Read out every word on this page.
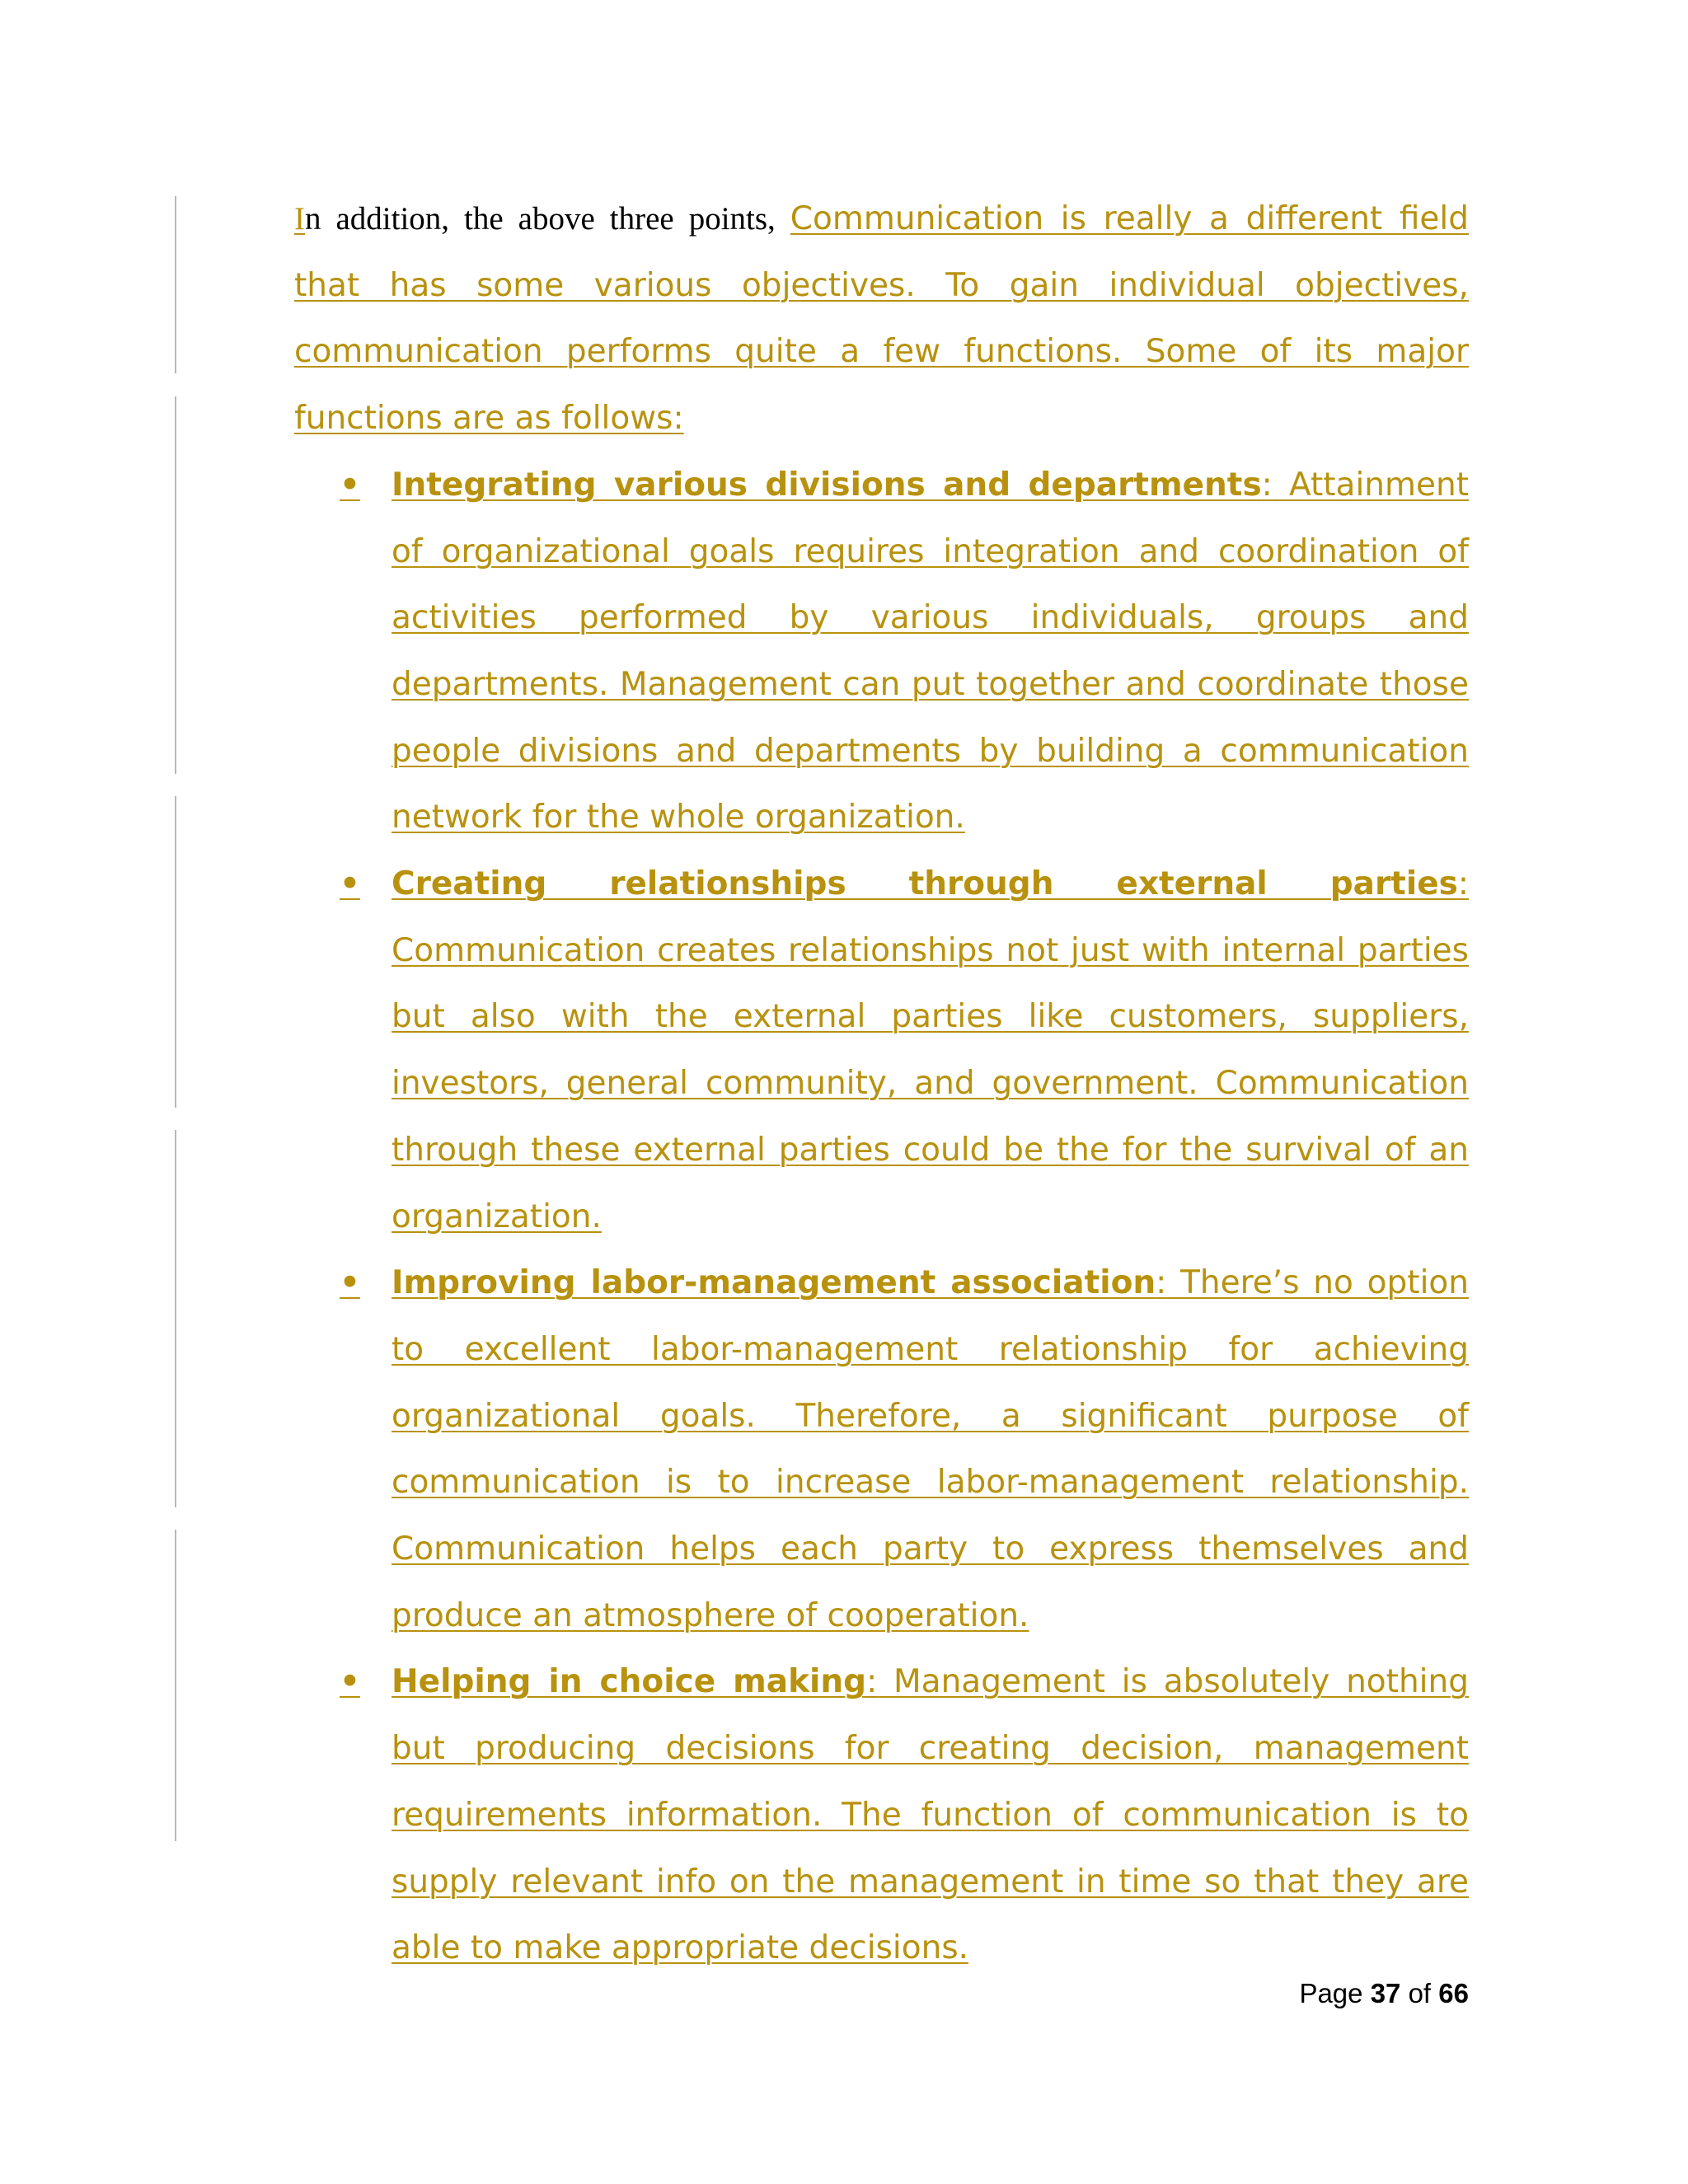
In addition, the above three points, Communication is really a different field that has some various objectives. To gain individual objectives, communication performs quite a few functions. Some of its major functions are as follows:

• Integrating various divisions and departments: Attainment of organizational goals requires integration and coordination of activities performed by various individuals, groups and departments. Management can put together and coordinate those people divisions and departments by building a communication network for the whole organization.
• Creating relationships through external parties: Communication creates relationships not just with internal parties but also with the external parties like customers, suppliers, investors, general community, and government. Communication through these external parties could be the for the survival of an organization.
• Improving labor-management association: There’s no option to excellent labor-management relationship for achieving organizational goals. Therefore, a significant purpose of communication is to increase labor-management relationship. Communication helps each party to express themselves and produce an atmosphere of cooperation.
• Helping in choice making: Management is absolutely nothing but producing decisions for creating decision, management requirements information. The function of communication is to supply relevant info on the management in time so that they are able to make appropriate decisions.
Page 37 of 66
